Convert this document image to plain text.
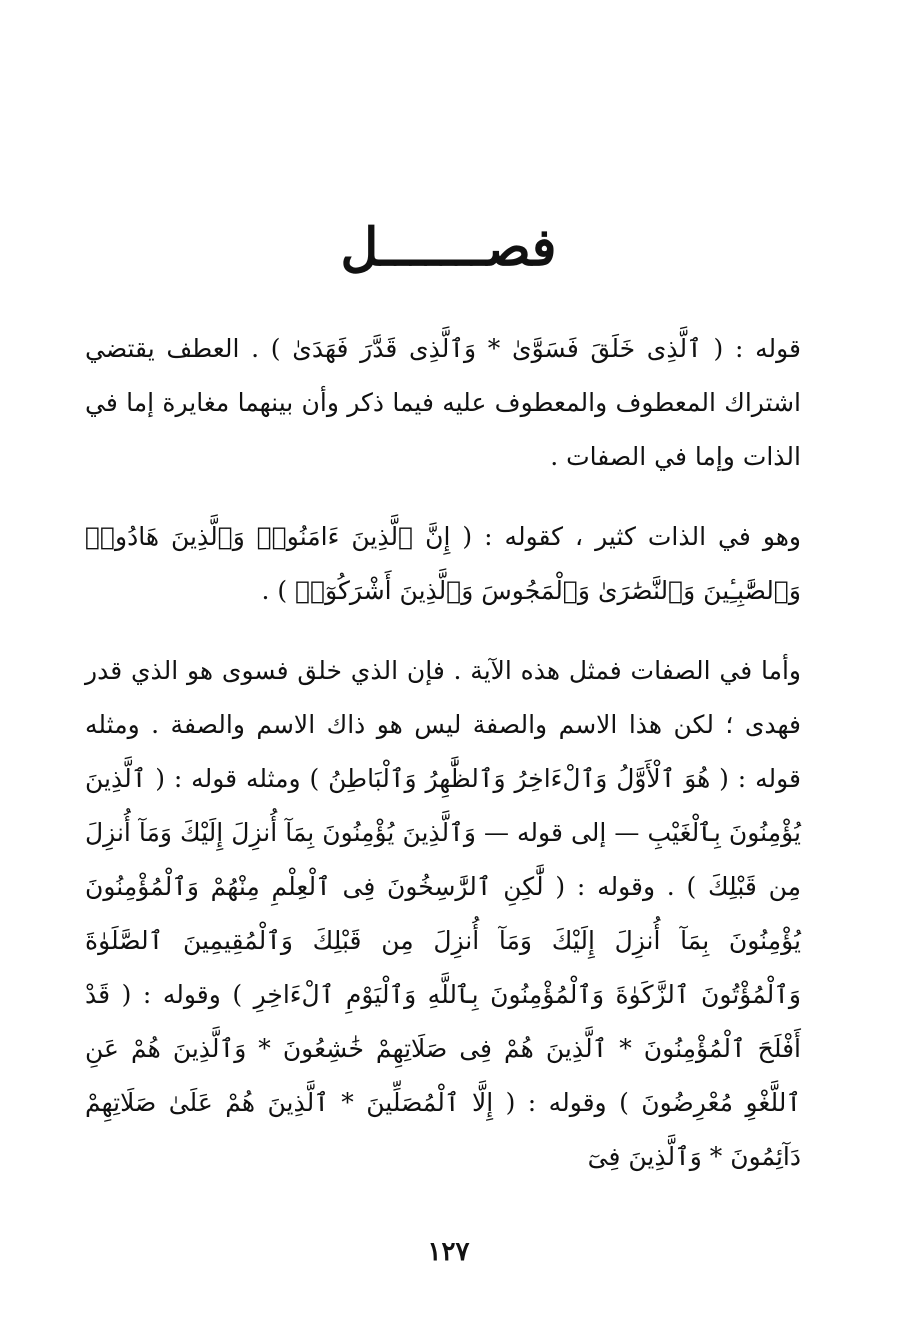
فصـــــــل

قوله : ( ٱلَّذِى خَلَقَ فَسَوَّىٰ * وَٱلَّذِى قَدَّرَ فَهَدَىٰ ) . العطف يقتضي اشتراك المعطوف والمعطوف عليه فيما ذكر وأن بينهما مغايرة إما في الذات وإما في الصفات .

وهو في الذات كثير ، كقوله : ( إِنَّ ٱلَّذِينَ ءَامَنُوا۟ وَٱلَّذِينَ هَادُوا۟ وَٱلصَّٰبِـِٔينَ وَٱلنَّصَٰرَىٰ وَٱلْمَجُوسَ وَٱلَّذِينَ أَشْرَكُوٓا۟ ) .

وأما في الصفات فمثل هذه الآية . فإن الذي خلق فسوى هو الذي قدر فهدى ؛ لكن هذا الاسم والصفة ليس هو ذاك الاسم والصفة . ومثله قوله : ( هُوَ ٱلْأَوَّلُ وَٱلْءَاخِرُ وَٱلظَّٰهِرُ وَٱلْبَاطِنُ ) ومثله قوله : ( ٱلَّذِينَ يُؤْمِنُونَ بِٱلْغَيْبِ — إلى قوله — وَٱلَّذِينَ يُؤْمِنُونَ بِمَآ أُنزِلَ إِلَيْكَ وَمَآ أُنزِلَ مِن قَبْلِكَ ) . وقوله : ( لَّٰكِنِ ٱلرَّٰسِخُونَ فِى ٱلْعِلْمِ مِنْهُمْ وَٱلْمُؤْمِنُونَ يُؤْمِنُونَ بِمَآ أُنزِلَ إِلَيْكَ وَمَآ أُنزِلَ مِن قَبْلِكَ وَٱلْمُقِيمِينَ ٱلصَّلَوٰةَ وَٱلْمُؤْتُونَ ٱلزَّكَوٰةَ وَٱلْمُؤْمِنُونَ بِٱللَّهِ وَٱلْيَوْمِ ٱلْءَاخِرِ ) وقوله : ( قَدْ أَفْلَحَ ٱلْمُؤْمِنُونَ * ٱلَّذِينَ هُمْ فِى صَلَاتِهِمْ خَٰشِعُونَ * وَٱلَّذِينَ هُمْ عَنِ ٱللَّغْوِ مُعْرِضُونَ ) وقوله : ( إِلَّا ٱلْمُصَلِّينَ * ٱلَّذِينَ هُمْ عَلَىٰ صَلَاتِهِمْ دَآئِمُونَ * وَٱلَّذِينَ فِىٓ

١٢٧
